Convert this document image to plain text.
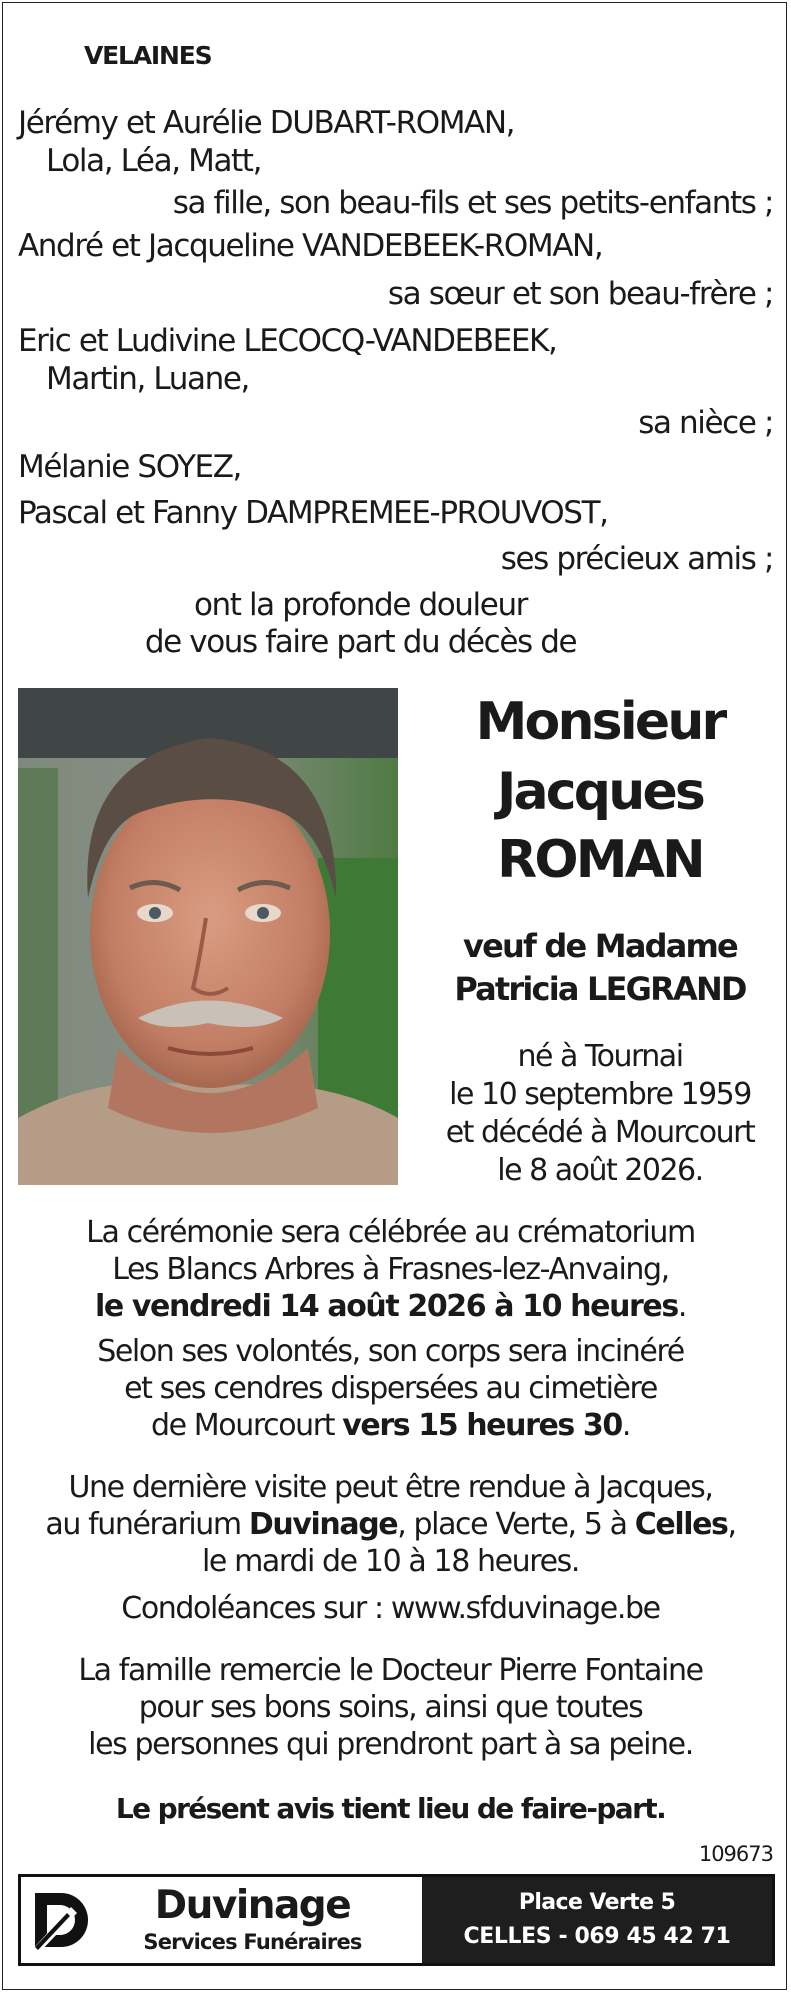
VELAINES
Jérémy et Aurélie DUBART-ROMAN,
Lola, Léa, Matt,
sa fille, son beau-fils et ses petits-enfants ;
André et Jacqueline VANDEBEEK-ROMAN,
sa sœur et son beau-frère ;
Eric et Ludivine LECOCQ-VANDEBEEK,
Martin, Luane,
sa nièce ;
Mélanie SOYEZ,
Pascal et Fanny DAMPREMEE-PROUVOST,
ses précieux amis ;
ont la profonde douleur
de vous faire part du décès de
Monsieur
Jacques
ROMAN
veuf de Madame
Patricia LEGRAND
né à Tournai
le 10 septembre 1959
et décédé à Mourcourt
le 8 août 2026.
La cérémonie sera célébrée au crématorium
Les Blancs Arbres à Frasnes-lez-Anvaing,
le vendredi 14 août 2026 à 10 heures.
Selon ses volontés, son corps sera incinéré
et ses cendres dispersées au cimetière
de Mourcourt vers 15 heures 30.
Une dernière visite peut être rendue à Jacques,
au funérarium Duvinage, place Verte, 5 à Celles,
le mardi de 10 à 18 heures.
Condoléances sur : www.sfduvinage.be
La famille remercie le Docteur Pierre Fontaine
pour ses bons soins, ainsi que toutes
les personnes qui prendront part à sa peine.
Le présent avis tient lieu de faire-part.
109673
Duvinage
Services Funéraires
Place Verte 5
CELLES - 069 45 42 71
